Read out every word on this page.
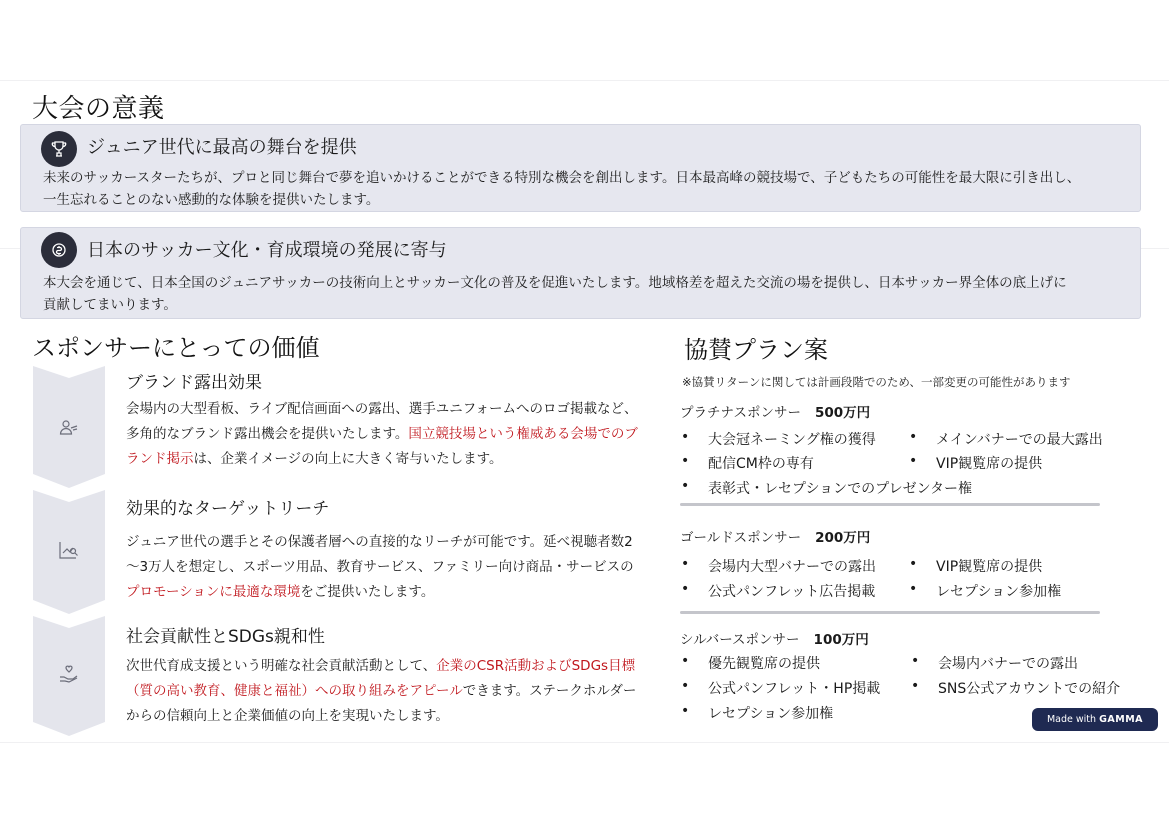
大会の意義
ジュニア世代に最高の舞台を提供
未来のサッカースターたちが、プロと同じ舞台で夢を追いかけることができる特別な機会を創出します。日本最高峰の競技場で、子どもたちの可能性を最大限に引き出し、
一生忘れることのない感動的な体験を提供いたします。
日本のサッカー文化・育成環境の発展に寄与
本大会を通じて、日本全国のジュニアサッカーの技術向上とサッカー文化の普及を促進いたします。地域格差を超えた交流の場を提供し、日本サッカー界全体の底上げに
貢献してまいります。
スポンサーにとっての価値
ブランド露出効果
会場内の大型看板、ライブ配信画面への露出、選手ユニフォームへのロゴ掲載など、多角的なブランド露出機会を提供いたします。国立競技場という権威ある会場でのブランド掲示は、企業イメージの向上に大きく寄与いたします。
効果的なターゲットリーチ
ジュニア世代の選手とその保護者層への直接的なリーチが可能です。延べ視聴者数2～3万人を想定し、スポーツ用品、教育サービス、ファミリー向け商品・サービスのプロモーションに最適な環境をご提供いたします。
社会貢献性とSDGs親和性
次世代育成支援という明確な社会貢献活動として、企業のCSR活動およびSDGs目標（質の高い教育、健康と福祉）への取り組みをアピールできます。ステークホルダーからの信頼向上と企業価値の向上を実現いたします。
協賛プラン案
※協賛リターンに関しては計画段階でのため、一部変更の可能性があります
プラチナスポンサー 500万円
• 大会冠ネーミング権の獲得	• メインバナーでの最大露出
• 配信CM枠の専有	• VIP観覧席の提供
• 表彰式・レセプションでのプレゼンター権
ゴールドスポンサー 200万円
• 会場内大型バナーでの露出	• VIP観覧席の提供
• 公式パンフレット広告掲載	• レセプション参加権
シルバースポンサー 100万円
• 優先観覧席の提供	• 会場内バナーでの露出
• 公式パンフレット・HP掲載	• SNS公式アカウントでの紹介
• レセプション参加権	Made with GAMMA
